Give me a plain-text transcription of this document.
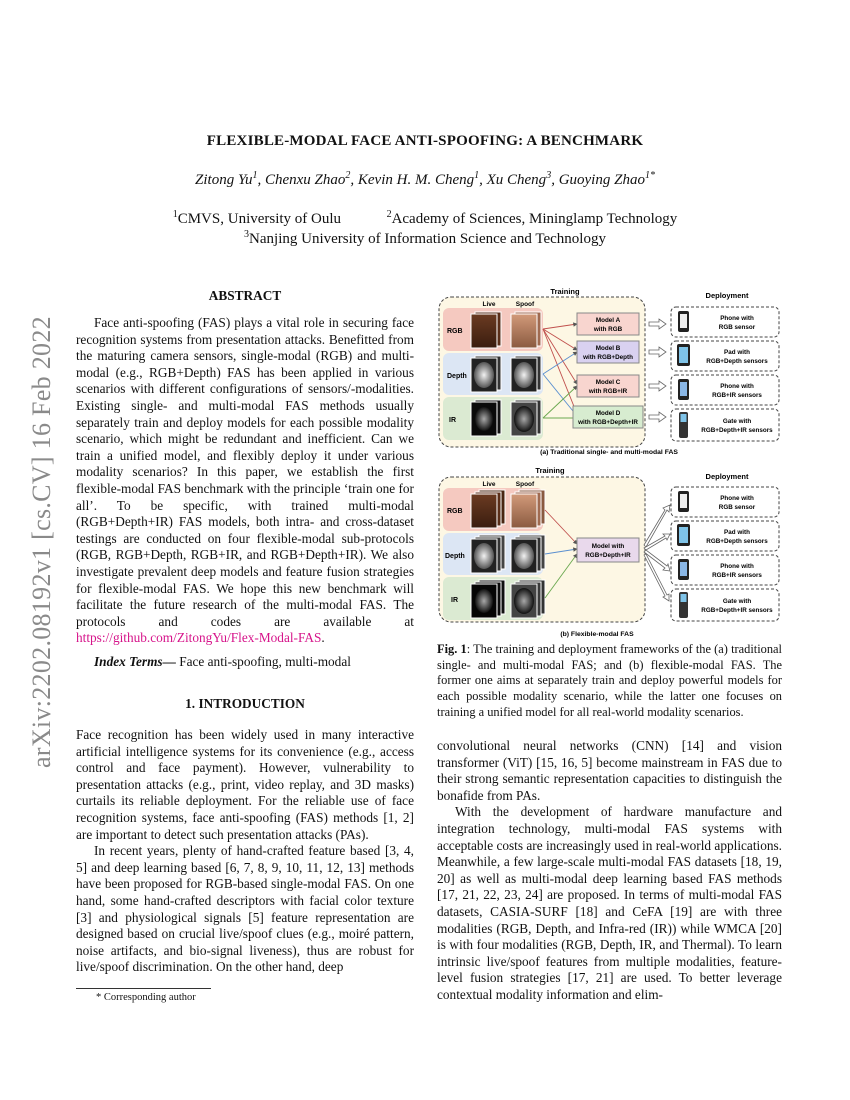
arXiv:2202.08192v1 [cs.CV] 16 Feb 2022
FLEXIBLE-MODAL FACE ANTI-SPOOFING: A BENCHMARK
Zitong Yu$^1$, Chenxu Zhao$^2$, Kevin H. M. Cheng$^1$, Xu Cheng$^3$, Guoying Zhao$^{1*}$
$^1$CMVS, University of Oulu	$^2$Academy of Sciences, Mininglamp Technology
$^3$Nanjing University of Information Science and Technology
ABSTRACT

Face anti-spoofing (FAS) plays a vital role in securing face recognition systems from presentation attacks. Benefitted from the maturing camera sensors, single-modal (RGB) and multi-modal (e.g., RGB+Depth) FAS has been applied in various scenarios with different configurations of sensors/-modalities. Existing single- and multi-modal FAS methods usually separately train and deploy models for each possible modality scenario, which might be redundant and inefficient. Can we train a unified model, and flexibly deploy it under various modality scenarios? In this paper, we establish the first flexible-modal FAS benchmark with the principle ‘train one for all’. To be specific, with trained multi-modal (RGB+Depth+IR) FAS models, both intra- and cross-dataset testings are conducted on four flexible-modal sub-protocols (RGB, RGB+Depth, RGB+IR, and RGB+Depth+IR). We also investigate prevalent deep models and feature fusion strategies for flexible-modal FAS. We hope this new benchmark will facilitate the future research of the multi-modal FAS. The protocols and codes are available at https://github.com/ZitongYu/Flex-Modal-FAS.

Index Terms— Face anti-spoofing, multi-modal
1. INTRODUCTION

Face recognition has been widely used in many interactive artificial intelligence systems for its convenience (e.g., access control and face payment). However, vulnerability to presentation attacks (e.g., print, video replay, and 3D masks) curtails its reliable deployment. For the reliable use of face recognition systems, face anti-spoofing (FAS) methods [1, 2] are important to detect such presentation attacks (PAs).

In recent years, plenty of hand-crafted feature based [3, 4, 5] and deep learning based [6, 7, 8, 9, 10, 11, 12, 13] methods have been proposed for RGB-based single-modal FAS. On one hand, some hand-crafted descriptors with facial color texture [3] and physiological signals [5] feature representation are designed based on crucial live/spoof clues (e.g., moiré pattern, noise artifacts, and bio-signal liveness), thus are robust for live/spoof discrimination. On the other hand, deep

* Corresponding author
Training
Live	Spoof
RGB
Depth
IR
Model A
with RGB
Model B
with RGB+Depth
Model C
with RGB+IR
Model D
with RGB+Depth+IR
Deployment
Phone with
RGB sensor
Pad with
RGB+Depth sensors
Phone with
RGB+IR sensors
Gate with
RGB+Depth+IR sensors
(a) Traditional single- and multi-modal FAS
Training
Live	Spoof
RGB
Depth
IR
Model with
RGB+Depth+IR
Deployment
Phone with
RGB sensor
Pad with
RGB+Depth sensors
Phone with
RGB+IR sensors
Gate with
RGB+Depth+IR sensors
(b) Flexible-modal FAS
Fig. 1: The training and deployment frameworks of the (a) traditional single- and multi-modal FAS; and (b) flexible-modal FAS. The former one aims at separately train and deploy powerful models for each possible modality scenario, while the latter one focuses on training a unified model for all real-world modality scenarios.

convolutional neural networks (CNN) [14] and vision transformer (ViT) [15, 16, 5] become mainstream in FAS due to their strong semantic representation capacities to distinguish the bonafide from PAs.

With the development of hardware manufacture and integration technology, multi-modal FAS systems with acceptable costs are increasingly used in real-world applications. Meanwhile, a few large-scale multi-modal FAS datasets [18, 19, 20] as well as multi-modal deep learning based FAS methods [17, 21, 22, 23, 24] are proposed. In terms of multi-modal FAS datasets, CASIA-SURF [18] and CeFA [19] are with three modalities (RGB, Depth, and Infra-red (IR)) while WMCA [20] is with four modalities (RGB, Depth, IR, and Thermal). To learn intrinsic live/spoof features from multiple modalities, feature-level fusion strategies [17, 21] are used. To better leverage contextual modality information and elim-
